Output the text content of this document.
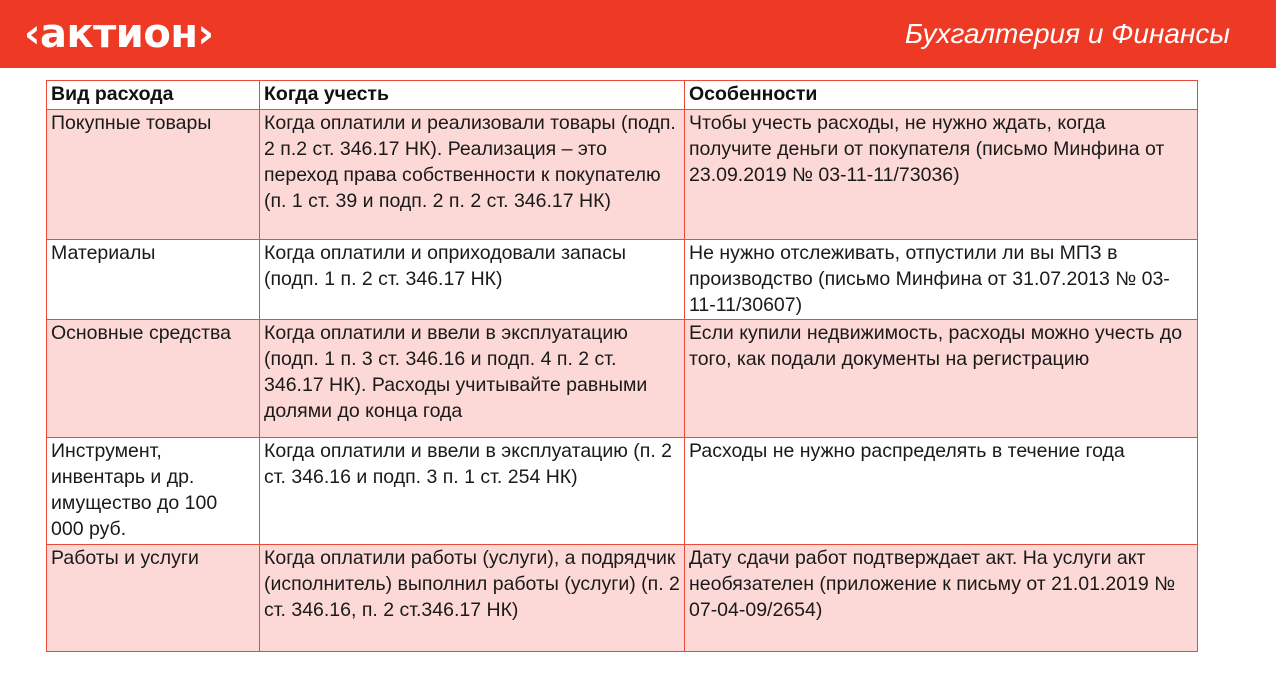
‹актион›	Бухгалтерия и Финансы
Вид расхода	Когда учесть	Особенности
Покупные товары	Когда оплатили и реализовали товары (подп. 2 п.2 ст. 346.17 НК). Реализация – это переход права собственности к покупателю (п. 1 ст. 39 и подп. 2 п. 2 ст. 346.17 НК)	Чтобы учесть расходы, не нужно ждать, когда получите деньги от покупателя (письмо Минфина от 23.09.2019 № 03-11-11/73036)
Материалы	Когда оплатили и оприходовали запасы (подп. 1 п. 2 ст. 346.17 НК)	Не нужно отслеживать, отпустили ли вы МПЗ в производство (письмо Минфина от 31.07.2013 № 03-11-11/30607)
Основные средства	Когда оплатили и ввели в эксплуатацию (подп. 1 п. 3 ст. 346.16 и подп. 4 п. 2 ст. 346.17 НК). Расходы учитывайте равными долями до конца года	Если купили недвижимость, расходы можно учесть до того, как подали документы на регистрацию
Инструмент, инвентарь и др. имущество до 100 000 руб.	Когда оплатили и ввели в эксплуатацию (п. 2 ст. 346.16 и подп. 3 п. 1 ст. 254 НК)	Расходы не нужно распределять в течение года
Работы и услуги	Когда оплатили работы (услуги), а подрядчик (исполнитель) выполнил работы (услуги) (п. 2 ст. 346.16, п. 2 ст.346.17 НК)	Дату сдачи работ подтверждает акт. На услуги акт необязателен (приложение к письму от 21.01.2019 № 07-04-09/2654)
